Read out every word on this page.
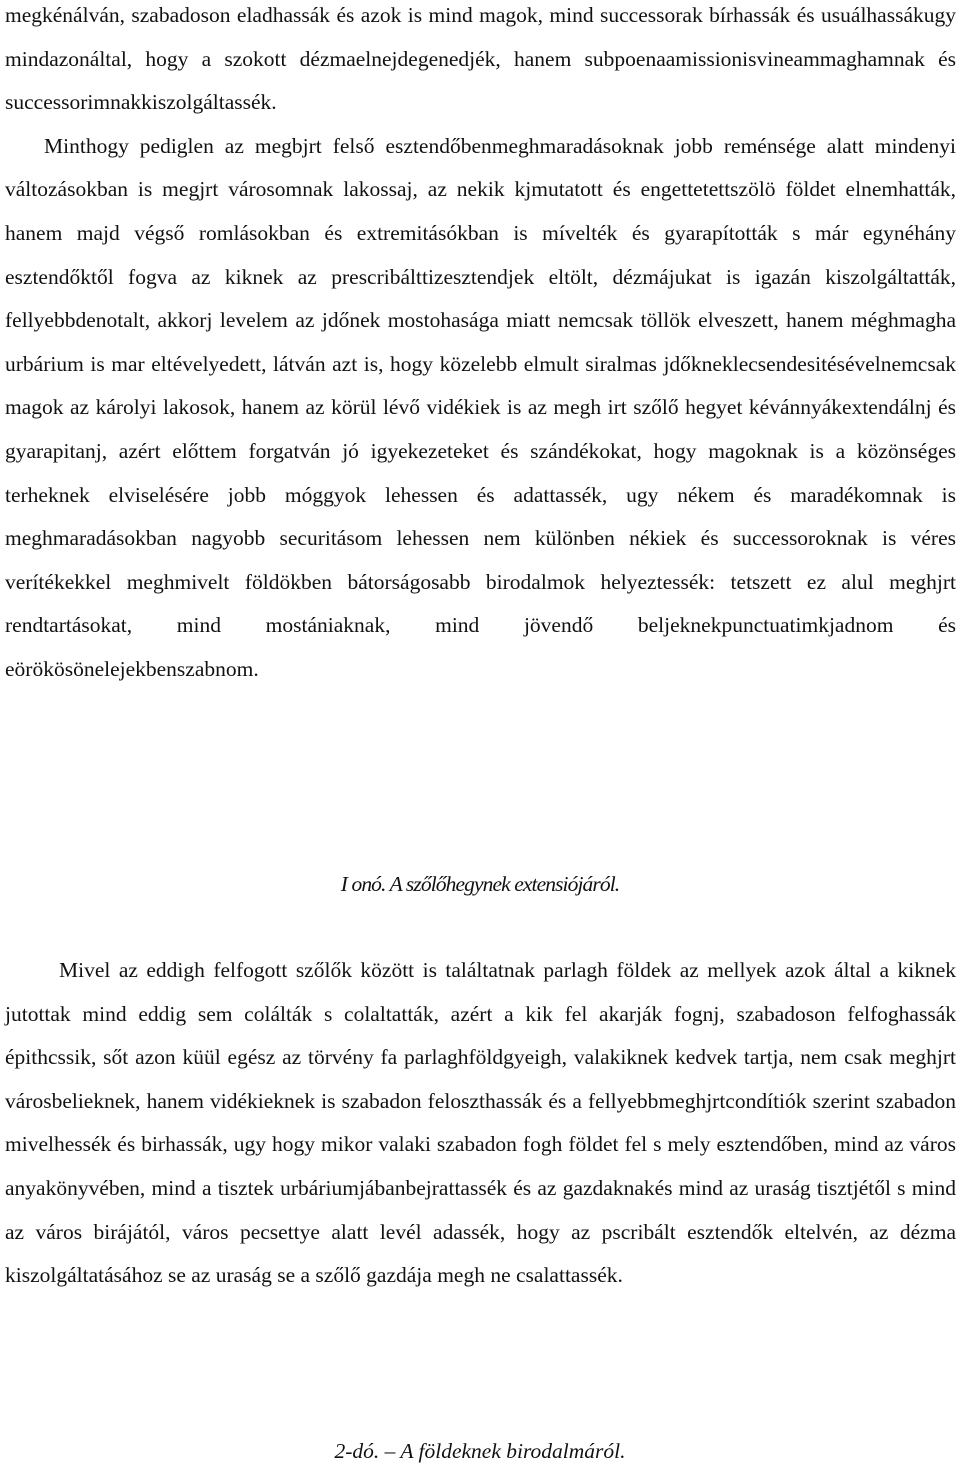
megkénálván, szabadoson eladhassák és azok is mind magok, mind successorak bírhassák és usuálhassákugy mindazonáltal, hogy a szokott dézmaelnejdegenedjék, hanem subpoenaamissionisvineammaghamnak és successorimnakkiszolgáltassék.

Minthogy pediglen az megbjrt felső esztendőbenmeghmaradásoknak jobb reménsége alatt mindenyi változásokban is megjrt városomnak lakossaj, az nekik kjmutatott és engettetettszölö földet elnemhatták, hanem majd végső romlásokban és extremitásókban is mívelték és gyarapították s már egynéhány esztendőktől fogva az kiknek az prescribálttizesztendjek eltölt, dézmájukat is igazán kiszolgáltatták, fellyebbdenotalt, akkorj levelem az jdőnek mostohasága miatt nemcsak töllök elveszett, hanem méghmagha urbárium is mar eltévelyedett, látván azt is, hogy közelebb elmult siralmas jdőkneklecsendesitésévelnemcsak magok az károlyi lakosok, hanem az körül lévő vidékiek is az megh irt szőlő hegyet kévánnyákextendálnj és gyarapitanj, azért előttem forgatván jó igyekezeteket és szándékokat, hogy magoknak is a közönséges terheknek elviselésére jobb móggyok lehessen és adattassék, ugy nékem és maradékomnak is meghmaradásokban nagyobb securitásom lehessen nem különben nékiek és successoroknak is véres verítékekkel meghmivelt földökben bátorságosabb birodalmok helyeztessék: tetszett ez alul meghjrt rendtartásokat, mind mostániaknak, mind jövendő beljeknekpunctuatimkjadnom és eörökösönelejekbenszabnom.

I onó. A szőlőhegynek extensiójáról.

Mivel az eddigh felfogott szőlők között is találtatnak parlagh földek az mellyek azok által a kiknek jutottak mind eddig sem colálták s colaltatták, azért a kik fel akarják fognj, szabadoson felfoghassák épithcssik, sőt azon küül egész az törvény fa parlaghföldgyeigh, valakiknek kedvek tartja, nem csak meghjrt városbelieknek, hanem vidékieknek is szabadon feloszthassák és a fellyebbmeghjrtcondítiók szerint szabadon mivelhessék és birhassák, ugy hogy mikor valaki szabadon fogh földet fel s mely esztendőben, mind az város anyakönyvében, mind a tisztek urbáriumjábanbejrattassék és az gazdaknakés mind az uraság tisztjétől s mind az város birájától, város pecsettye alatt levél adassék, hogy az pscribált esztendők eltelvén, az dézma kiszolgáltatásához se az uraság se a szőlő gazdája megh ne csalattassék.

2-dó. – A földeknek birodalmáról.
